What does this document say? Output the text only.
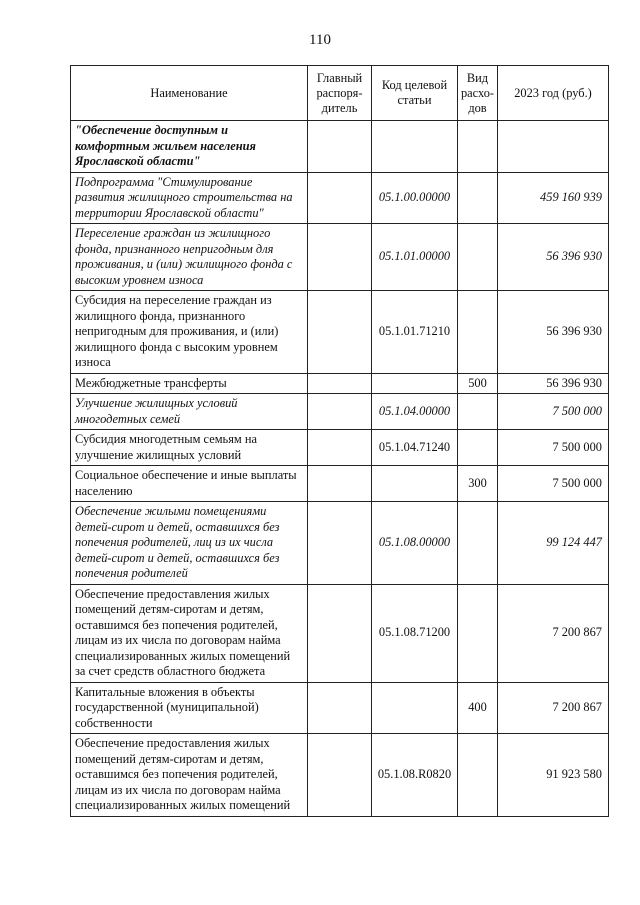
110
Наименование	Главный распоря-дитель	Код целевой статьи	Вид расхо-дов	2023 год (руб.)
"Обеспечение доступным и комфортным жильем населения Ярославской области"				
Подпрограмма "Стимулирование развития жилищного строительства на территории Ярославской области"		05.1.00.00000		459 160 939
Переселение граждан из жилищного фонда, признанного непригодным для проживания, и (или) жилищного фонда с высоким уровнем износа		05.1.01.00000		56 396 930
Субсидия на переселение граждан из жилищного фонда, признанного непригодным для проживания, и (или) жилищного фонда с высоким уровнем износа		05.1.01.71210		56 396 930
Межбюджетные трансферты			500	56 396 930
Улучшение жилищных условий многодетных семей		05.1.04.00000		7 500 000
Субсидия многодетным семьям на улучшение жилищных условий		05.1.04.71240		7 500 000
Социальное обеспечение и иные выплаты населению			300	7 500 000
Обеспечение жилыми помещениями детей-сирот и детей, оставшихся без попечения родителей, лиц из их числа детей-сирот и детей, оставшихся без попечения родителей		05.1.08.00000		99 124 447
Обеспечение предоставления жилых помещений детям-сиротам и детям, оставшимся без попечения родителей, лицам из их числа по договорам найма специализированных жилых помещений за счет средств областного бюджета		05.1.08.71200		7 200 867
Капитальные вложения в объекты государственной (муниципальной) собственности			400	7 200 867
Обеспечение предоставления жилых помещений детям-сиротам и детям, оставшимся без попечения родителей, лицам из их числа по договорам найма специализированных жилых помещений		05.1.08.R0820		91 923 580
